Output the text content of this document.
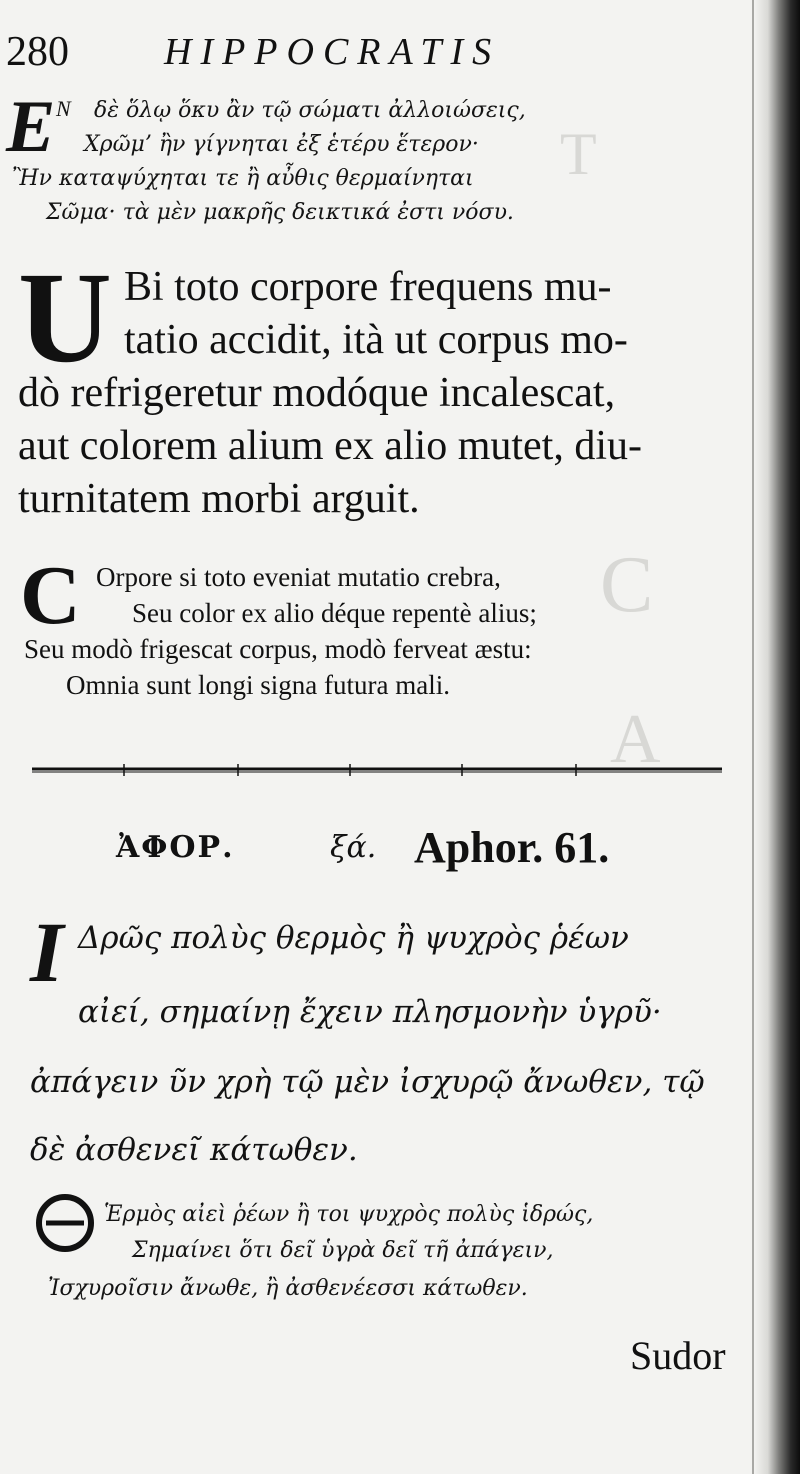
T
C
A
280	HIPPOCRATIS
E N δὲ ὅλῳ ὅκυ ἂν τῷ σώματι ἀλλοιώσεις,
Χρῶμ’ ἢν γίγνηται ἐξ ἑτέρυ ἕτερον·
Ἢν καταψύχηται τε ἢ αὖθις θερμαίνηται
Σῶμα· τὰ μὲν μακρῆς δεικτικά ἐστι νόσυ.
U Bi toto corpore frequens mu-
tatio accidit, ità ut corpus mo-
dò refrigeretur modóque incalescat,
aut colorem alium ex alio mutet, diu-
turnitatem morbi arguit.
C Orpore si toto eveniat mutatio crebra,
Seu color ex alio déque repentè alius;
Seu modò frigescat corpus, modò ferveat æstu:
Omnia sunt longi signa futura mali.
ἈΦΟΡ.	ξά. Aphor. 61.
I Δρῶς πολὺς θερμὸς ἢ ψυχρὸς ῥέων
αἰεί, σημαίνῃ ἔχειν πλησμονὴν ὑγρῦ·
ἀπάγειν ῦν χρὴ τῷ μὲν ἰσχυρῷ ἄνωθεν, τῷ
δὲ ἀσθενεῖ κάτωθεν.
Ἑρμὸς αἰεὶ ῥέων ἢ τοι ψυχρὸς πολὺς ἱδρώς,
Σημαίνει ὅτι δεῖ ὑγρὰ δεῖ τῆ ἀπάγειν,
Ἰσχυροῖσιν ἄνωθε, ἢ ἀσθενέεσσι κάτωθεν.
Sudor
